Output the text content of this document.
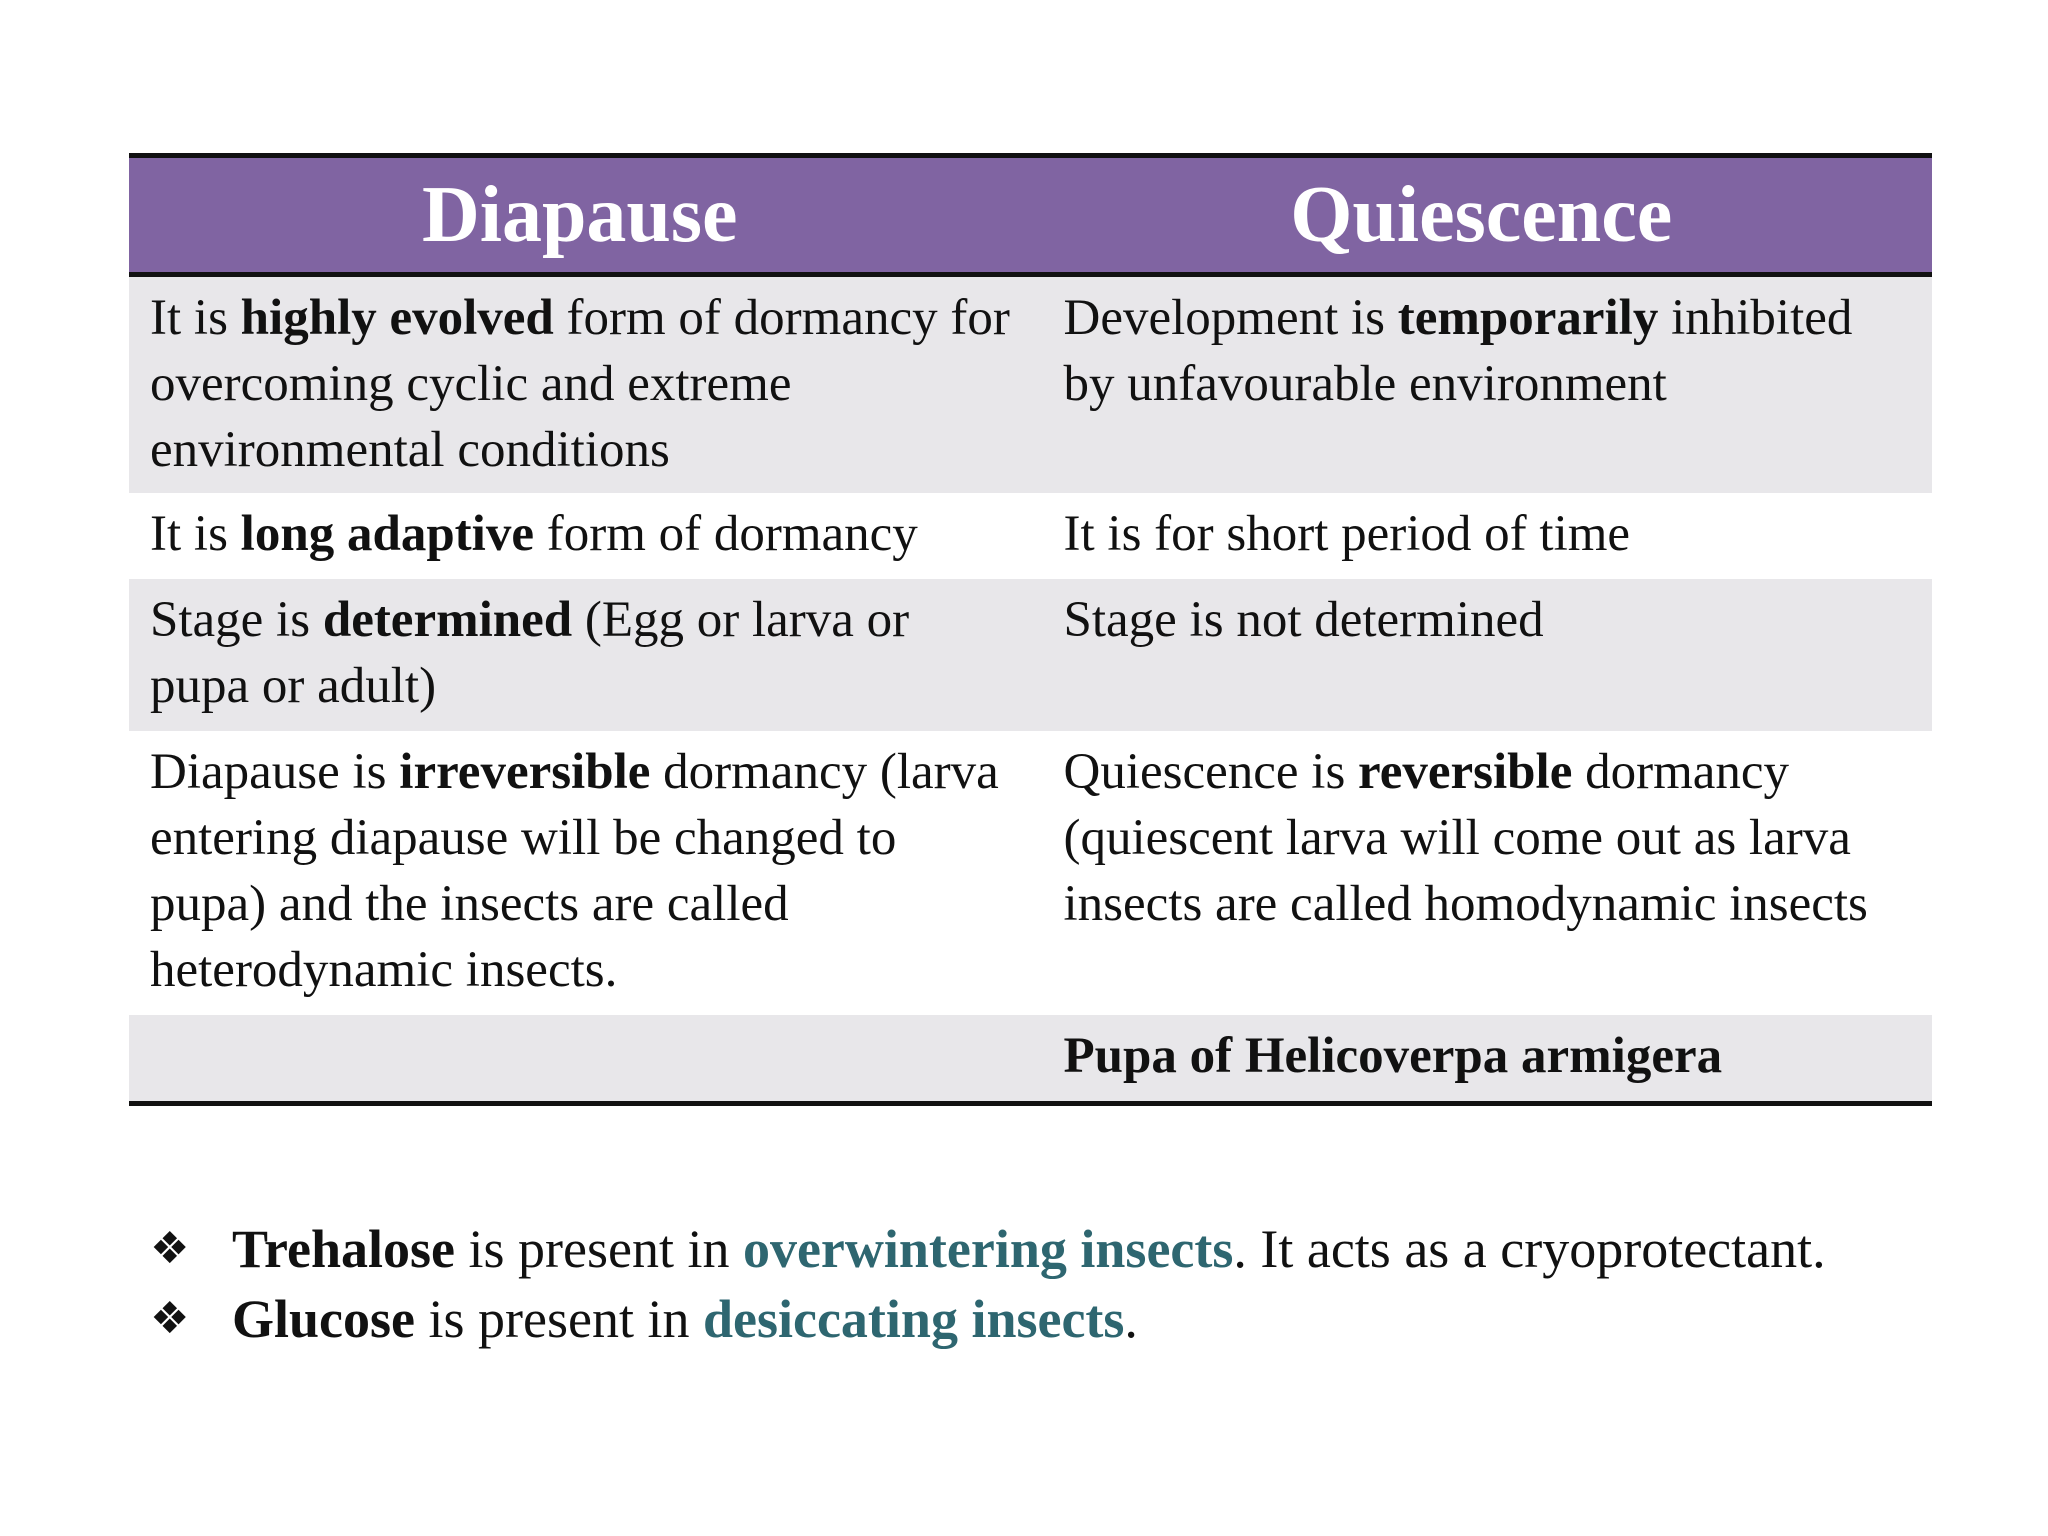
Diapause	Quiescence
It is highly evolved form of dormancy for overcoming cyclic and extreme environmental conditions	Development is temporarily inhibited by unfavourable environment
It is long adaptive form of dormancy	It is for short period of time
Stage is determined (Egg or larva or pupa or adult)	Stage is not determined
Diapause is irreversible dormancy (larva entering diapause will be changed to pupa) and the insects are called heterodynamic insects.	Quiescence is reversible dormancy (quiescent larva will come out as larva insects are called homodynamic insects
	Pupa of Helicoverpa armigera
❖ Trehalose is present in overwintering insects. It acts as a cryoprotectant.
❖ Glucose is present in desiccating insects.
